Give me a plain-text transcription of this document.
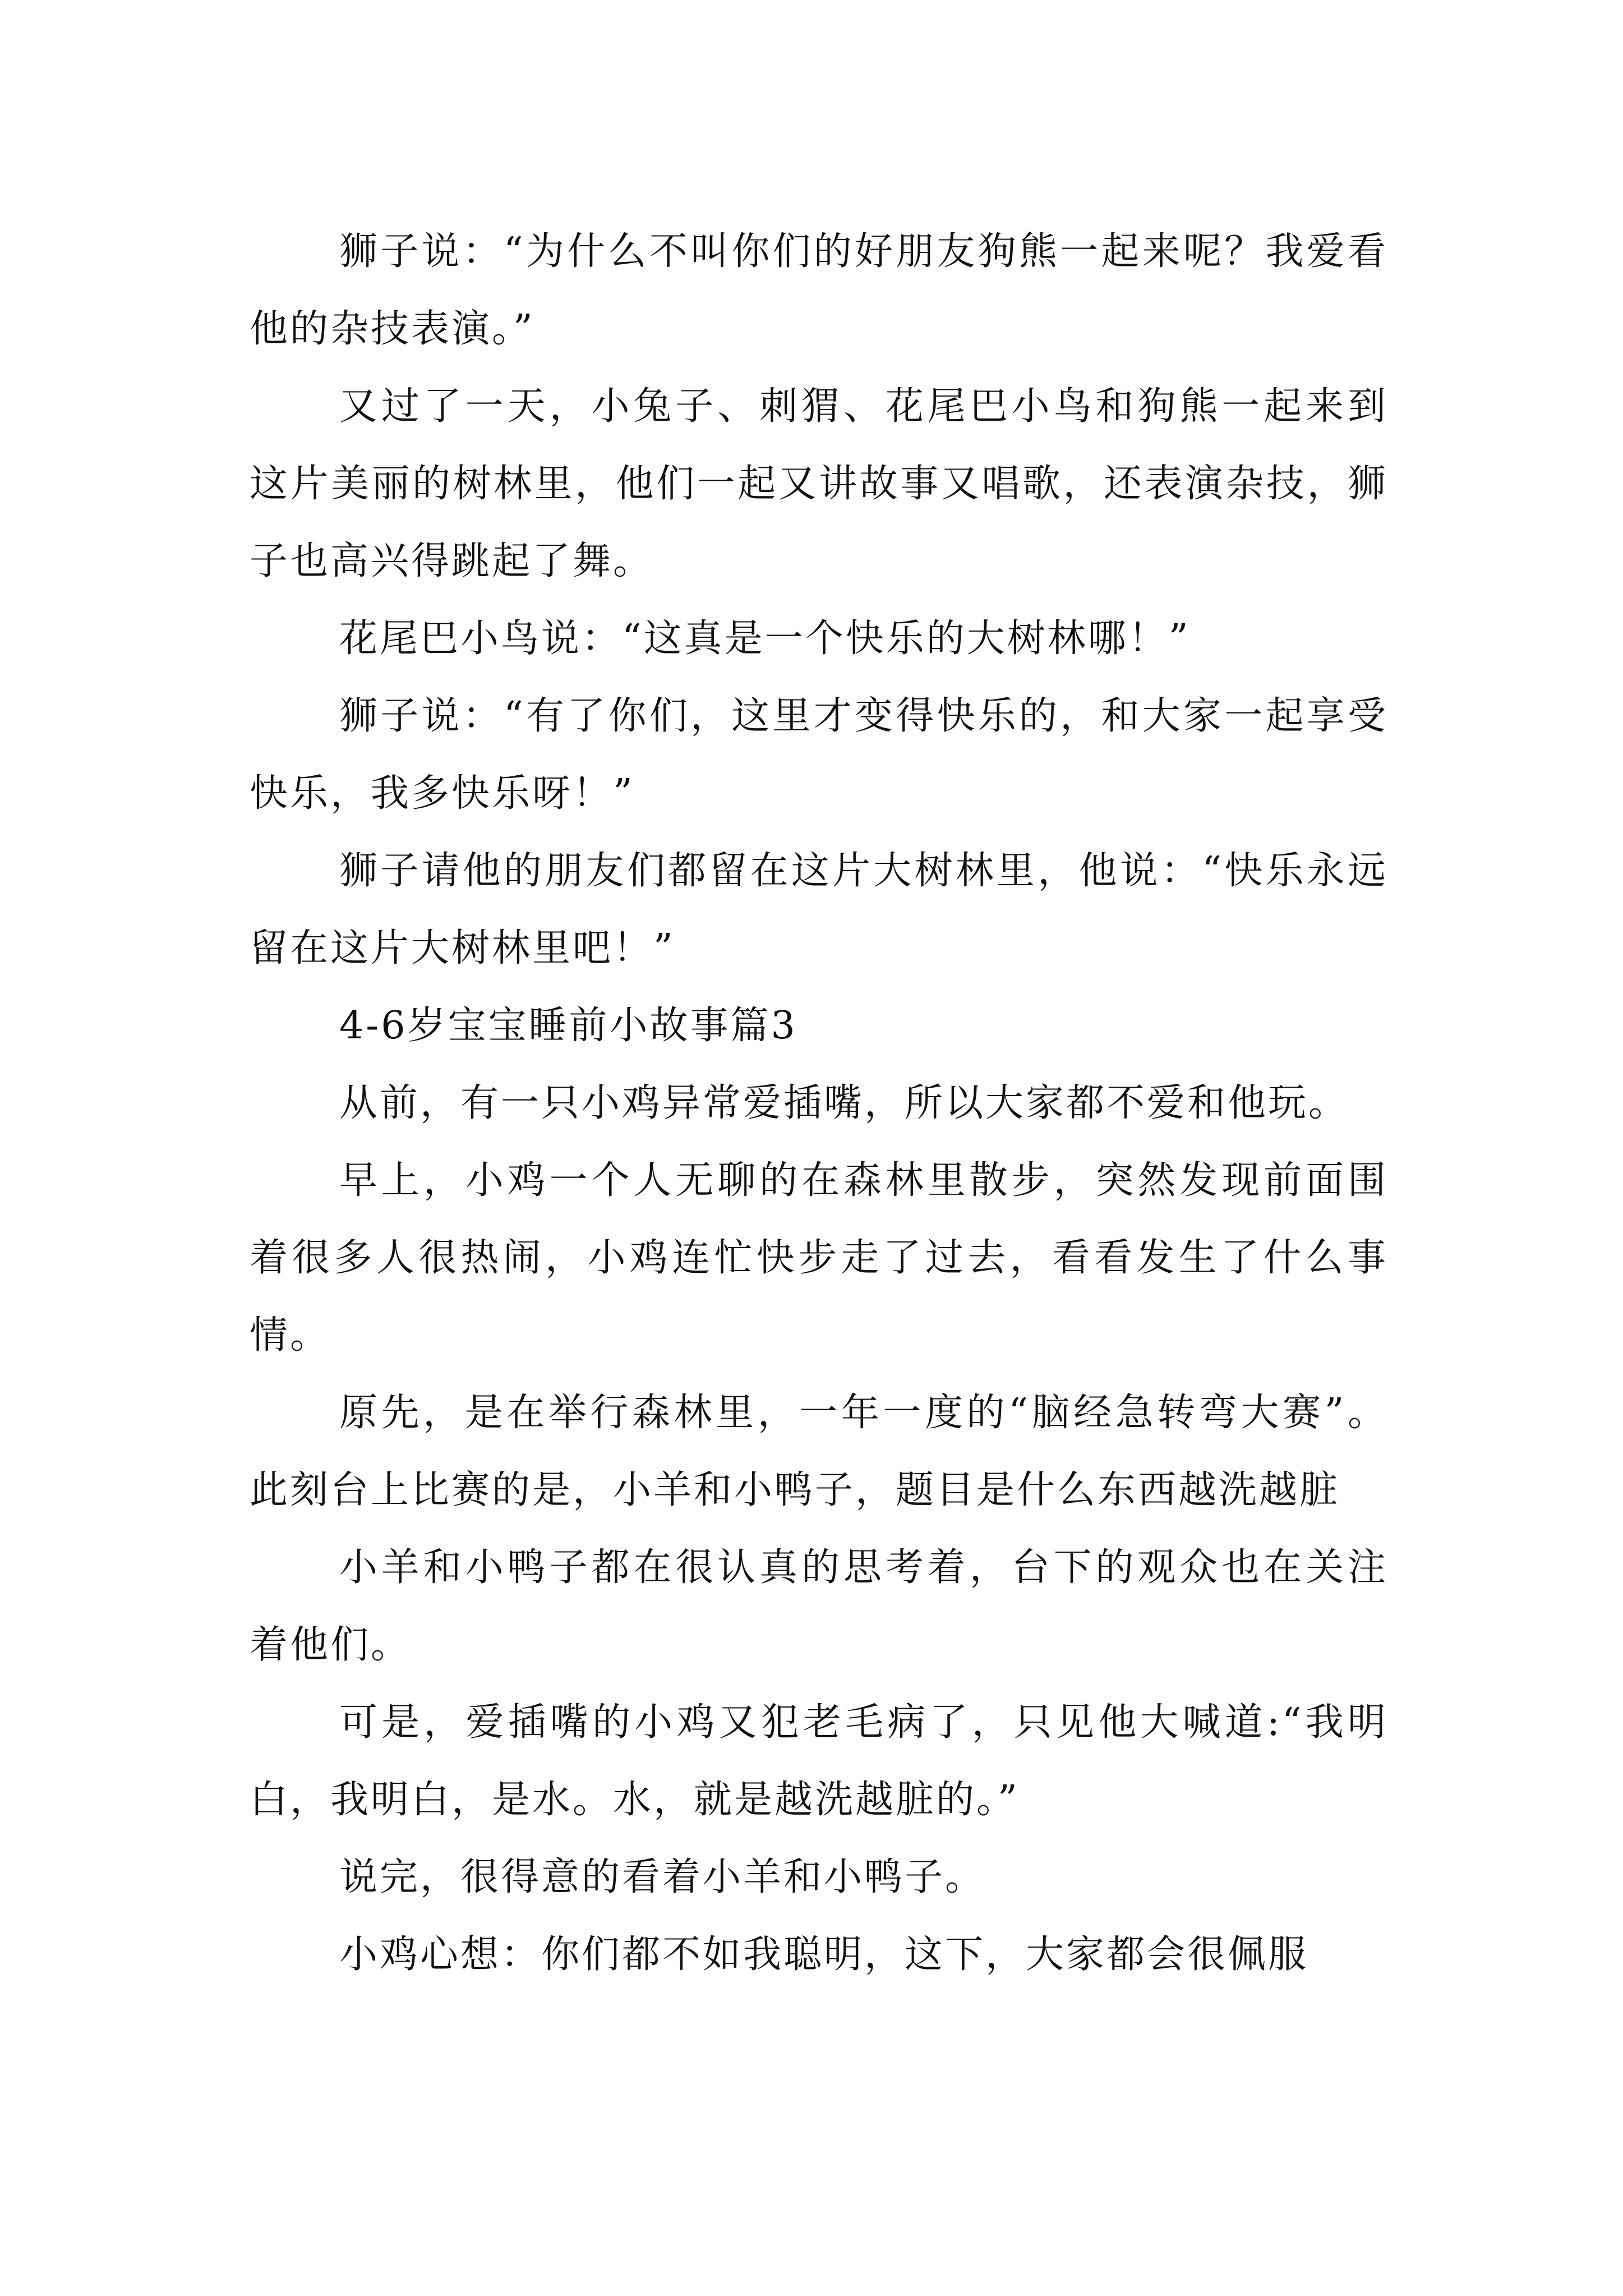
狮子说：“为什么不叫你们的好朋友狗熊一起来呢？我爱看他的杂技表演。”

又过了一天，小兔子、刺猬、花尾巴小鸟和狗熊一起来到这片美丽的树林里，他们一起又讲故事又唱歌，还表演杂技，狮子也高兴得跳起了舞。

花尾巴小鸟说：“这真是一个快乐的大树林哪！”

狮子说：“有了你们，这里才变得快乐的，和大家一起享受快乐，我多快乐呀！”

狮子请他的朋友们都留在这片大树林里，他说：“快乐永远留在这片大树林里吧！”

4-6岁宝宝睡前小故事篇3

从前，有一只小鸡异常爱插嘴，所以大家都不爱和他玩。

早上，小鸡一个人无聊的在森林里散步，突然发现前面围着很多人很热闹，小鸡连忙快步走了过去，看看发生了什么事情。

原先，是在举行森林里，一年一度的“脑经急转弯大赛”。此刻台上比赛的是，小羊和小鸭子，题目是什么东西越洗越脏

小羊和小鸭子都在很认真的思考着，台下的观众也在关注着他们。

可是，爱插嘴的小鸡又犯老毛病了，只见他大喊道:“我明白，我明白，是水。水，就是越洗越脏的。”

说完，很得意的看着小羊和小鸭子。

小鸡心想：你们都不如我聪明，这下，大家都会很佩服
